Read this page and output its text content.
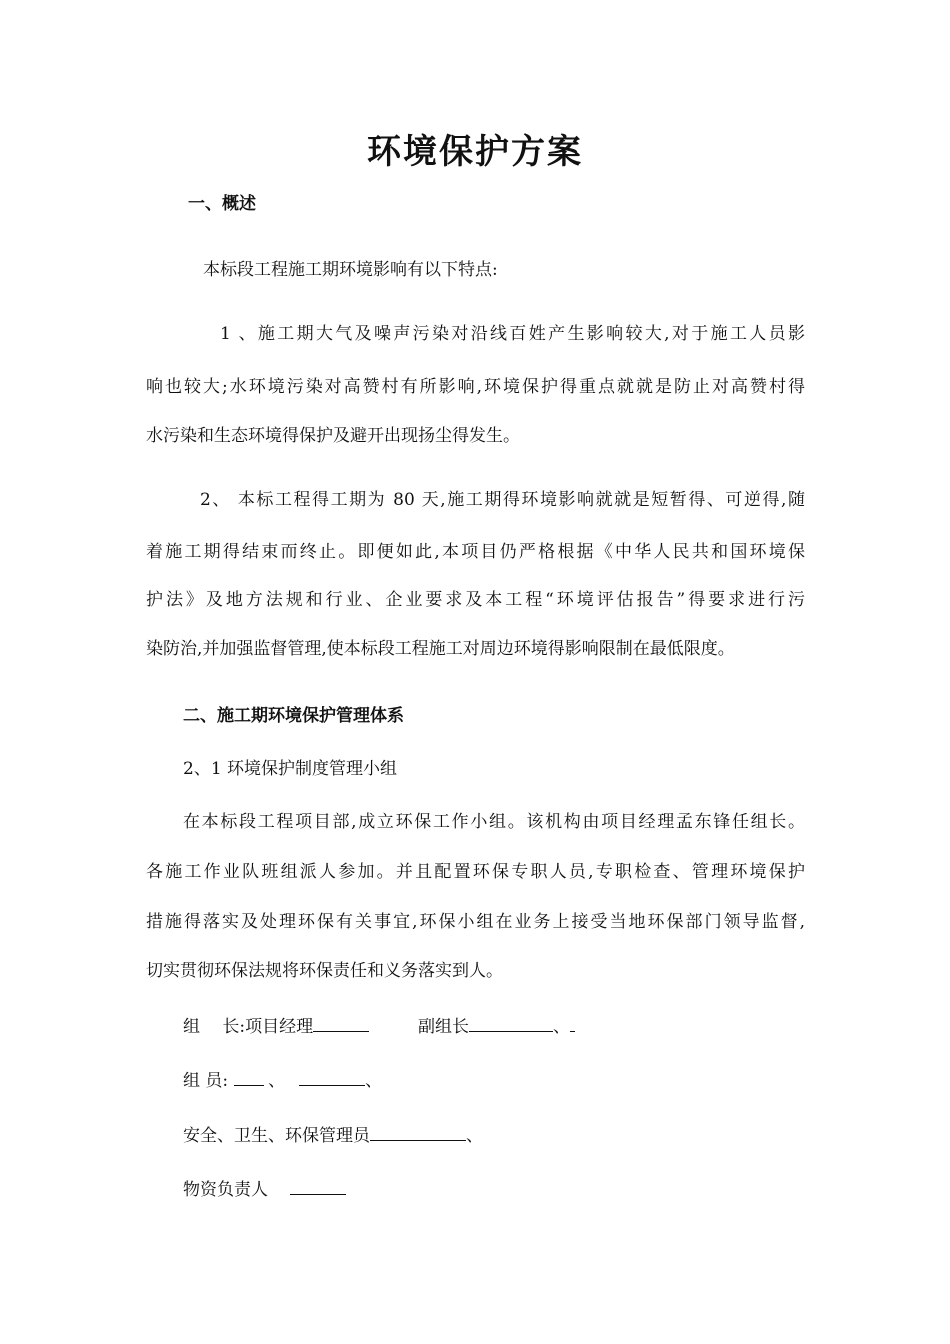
环境保护方案
一、概述
本标段工程施工期环境影响有以下特点:
1 、施工期大气及噪声污染对沿线百姓产生影响较大,对于施工人员影
响也较大;水环境污染对高赞村有所影响,环境保护得重点就就是防止对高赞村得
水污染和生态环境得保护及避开出现扬尘得发生。
2、 本标工程得工期为 80 天,施工期得环境影响就就是短暂得、可逆得,随
着施工期得结束而终止。即便如此,本项目仍严格根据《中华人民共和国环境保
护法》及地方法规和行业、企业要求及本工程“环境评估报告”得要求进行污
染防治,并加强监督管理,使本标段工程施工对周边环境得影响限制在最低限度。
二、施工期环境保护管理体系
2、1 环境保护制度管理小组
在本标段工程项目部,成立环保工作小组。该机构由项目经理孟东锋任组长。
各施工作业队班组派人参加。并且配置环保专职人员,专职检查、管理环境保护
措施得落实及处理环保有关事宜,环保小组在业务上接受当地环保部门领导监督,
切实贯彻环保法规将环保责任和义务落实到人。
组　 长:项目经理	副组长	、
组 员: 、	、
安全、卫生、环保管理员	、
物资负责人
